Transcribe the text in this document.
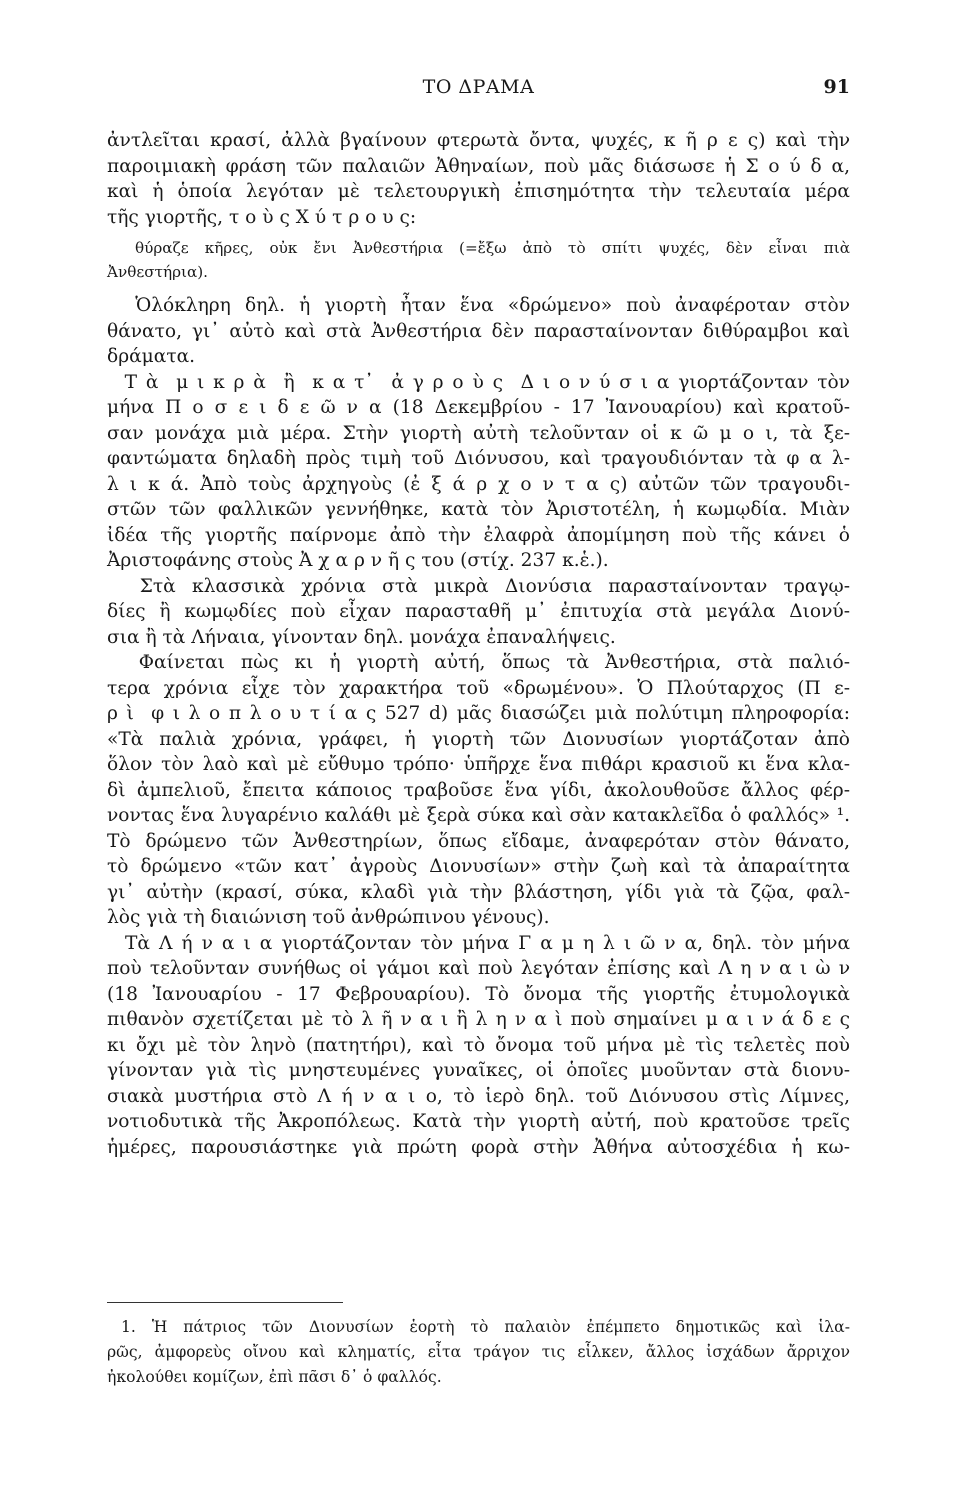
ΤΟ ΔΡΑΜΑ	91
ἀντλεῖται κρασί, ἀλλὰ βγαίνουν φτερωτὰ ὄντα, ψυχές, κ ῆ ρ ε ς) καὶ τὴν
παροιμιακὴ φράση τῶν παλαιῶν Ἀθηναίων, ποὺ μᾶς διάσωσε ἡ Σ ο ύ δ α,
καὶ ἡ ὁποία λεγόταν μὲ τελετουργικὴ ἐπισημότητα τὴν τελευταία μέρα
τῆς γιορτῆς, τ ο ὺ ς Χ ύ τ ρ ο υ ς:
θύραζε κῆρες, οὐκ ἔνι Ἀνθεστήρια (=ἔξω ἀπὸ τὸ σπίτι ψυχές, δὲν εἶναι πιὰ
Ἀνθεστήρια).
Ὁλόκληρη δηλ. ἡ γιορτὴ ἦταν ἕνα «δρώμενο» ποὺ ἀναφέροταν στὸν
θάνατο, γι᾽ αὐτὸ καὶ στὰ Ἀνθεστήρια δὲν παρασταίνονταν διθύραμβοι καὶ
δράματα.
Τ ὰ  μ ι κ ρ ὰ  ἢ  κ α τ᾽  ἀ γ ρ ο ὺ ς  Δ ι ο ν ύ σ ι α γιορτάζονταν τὸν
μήνα Π ο σ ε ι δ ε ῶ ν α (18 Δεκεμβρίου - 17 Ἰανουαρίου) καὶ κρατοῦ-
σαν μονάχα μιὰ μέρα. Στὴν γιορτὴ αὐτὴ τελοῦνταν οἱ κ ῶ μ ο ι, τὰ ξε-
φαντώματα δηλαδὴ πρὸς τιμὴ τοῦ Διόνυσου, καὶ τραγουδιόνταν τὰ φ α λ-
λ ι κ ά. Ἀπὸ τοὺς ἀρχηγοὺς (ἐ ξ ά ρ χ ο ν τ α ς) αὐτῶν τῶν τραγουδι-
στῶν τῶν φαλλικῶν γεννήθηκε, κατὰ τὸν Ἀριστοτέλη, ἡ κωμῳδία. Μιὰν
ἰδέα τῆς γιορτῆς παίρνομε ἀπὸ τὴν ἐλαφρὰ ἀπομίμηση ποὺ τῆς κάνει ὁ
Ἀριστοφάνης στοὺς Ἀ χ α ρ ν ῆ ς του (στίχ. 237 κ.ἑ.).
Στὰ κλασσικὰ χρόνια στὰ μικρὰ Διονύσια παρασταίνονταν τραγῳ-
δίες ἢ κωμῳδίες ποὺ εἶχαν παρασταθῆ μ᾽ ἐπιτυχία στὰ μεγάλα Διονύ-
σια ἢ τὰ Λήναια, γίνονταν δηλ. μονάχα ἐπαναλήψεις.
Φαίνεται πὼς κι ἡ γιορτὴ αὐτή, ὅπως τὰ Ἀνθεστήρια, στὰ παλιό-
τερα χρόνια εἶχε τὸν χαρακτήρα τοῦ «δρωμένου». Ὁ Πλούταρχος (Π ε-
ρ ὶ  φ ι λ ο π λ ο υ τ ί α ς 527 d) μᾶς διασώζει μιὰ πολύτιμη πληροφορία:
«Τὰ παλιὰ χρόνια, γράφει, ἡ γιορτὴ τῶν Διονυσίων γιορτάζοταν ἀπὸ
ὅλον τὸν λαὸ καὶ μὲ εὔθυμο τρόπο· ὑπῆρχε ἕνα πιθάρι κρασιοῦ κι ἕνα κλα-
δὶ ἀμπελιοῦ, ἔπειτα κάποιος τραβοῦσε ἕνα γίδι, ἀκολουθοῦσε ἄλλος φέρ-
νοντας ἕνα λυγαρένιο καλάθι μὲ ξερὰ σύκα καὶ σὰν κατακλεῖδα ὁ φαλλός» ¹.
Τὸ δρώμενο τῶν Ἀνθεστηρίων, ὅπως εἴδαμε, ἀναφερόταν στὸν θάνατο,
τὸ δρώμενο «τῶν κατ᾽ ἀγροὺς Διονυσίων» στὴν ζωὴ καὶ τὰ ἀπαραίτητα
γι᾽ αὐτὴν (κρασί, σύκα, κλαδὶ γιὰ τὴν βλάστηση, γίδι γιὰ τὰ ζῷα, φαλ-
λὸς γιὰ τὴ διαιώνιση τοῦ ἀνθρώπινου γένους).
Τὰ Λ ή ν α ι α γιορτάζονταν τὸν μήνα Γ α μ η λ ι ῶ ν α, δηλ. τὸν μήνα
ποὺ τελοῦνταν συνήθως οἱ γάμοι καὶ ποὺ λεγόταν ἐπίσης καὶ Λ η ν α ι ὼ ν
(18 Ἰανουαρίου - 17 Φεβρουαρίου). Τὸ ὄνομα τῆς γιορτῆς ἐτυμολογικὰ
πιθανὸν σχετίζεται μὲ τὸ λ ῆ ν α ι ἢ λ η ν α ὶ ποὺ σημαίνει μ α ι ν ά δ ε ς
κι ὄχι μὲ τὸν ληνὸ (πατητήρι), καὶ τὸ ὄνομα τοῦ μήνα μὲ τὶς τελετὲς ποὺ
γίνονταν γιὰ τὶς μνηστευμένες γυναῖκες, οἱ ὁποῖες μυοῦνταν στὰ διονυ-
σιακὰ μυστήρια στὸ Λ ή ν α ι ο, τὸ ἱερὸ δηλ. τοῦ Διόνυσου στὶς Λίμνες,
νοτιοδυτικὰ τῆς Ἀκροπόλεως. Κατὰ τὴν γιορτὴ αὐτή, ποὺ κρατοῦσε τρεῖς
ἡμέρες, παρουσιάστηκε γιὰ πρώτη φορὰ στὴν Ἀθήνα αὐτοσχέδια ἡ κω-
1. Ἡ πάτριος τῶν Διονυσίων ἑορτὴ τὸ παλαιὸν ἐπέμπετο δημοτικῶς καὶ ἱλα-
ρῶς, ἀμφορεὺς οἴνου καὶ κληματίς, εἶτα τράγον τις εἷλκεν, ἄλλος ἰσχάδων ἄρριχον
ἠκολούθει κομίζων, ἐπὶ πᾶσι δ᾽ ὁ φαλλός.
